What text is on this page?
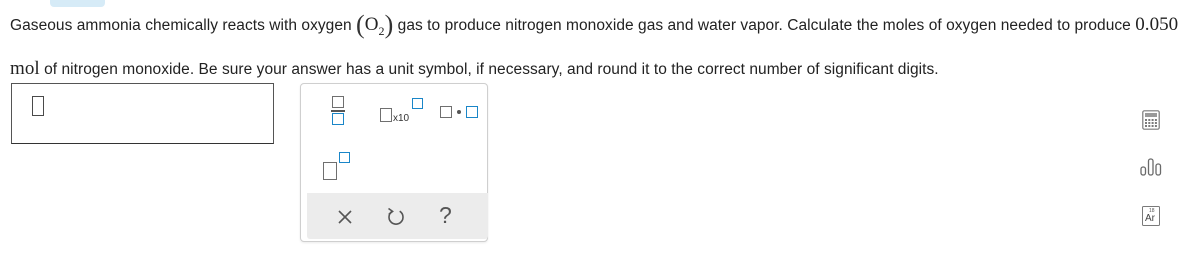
Gaseous ammonia chemically reacts with oxygen $(O_2)$ gas to produce nitrogen monoxide gas and water vapor. Calculate the moles of oxygen needed to produce 0.050 mol of nitrogen monoxide. Be sure your answer has a unit symbol, if necessary, and round it to the correct number of significant digits.
x10
?	18
Ar
